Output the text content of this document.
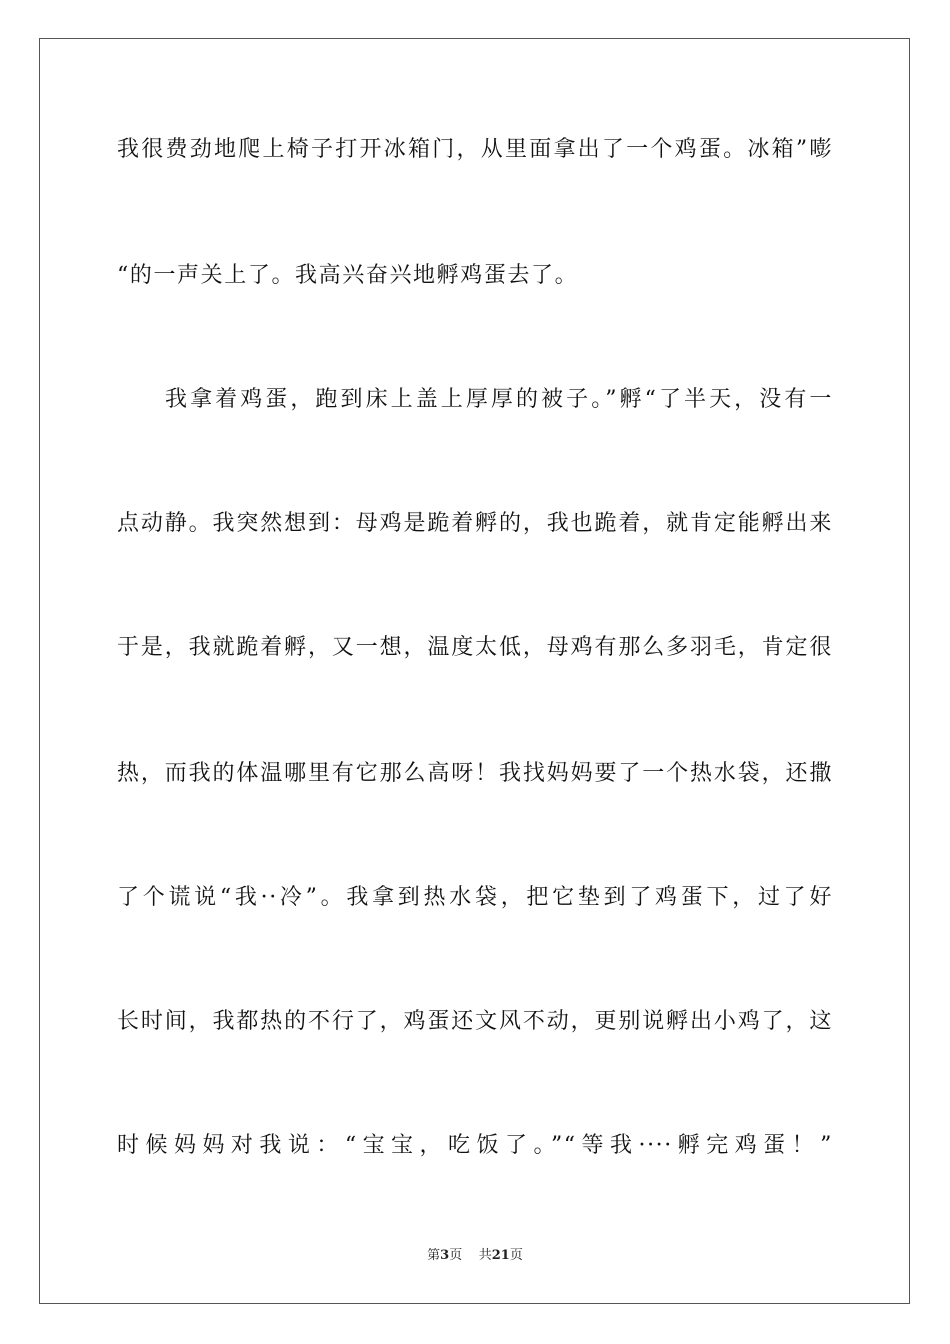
我很费劲地爬上椅子打开冰箱门，从里面拿出了一个鸡蛋。冰箱”嘭
“的一声关上了。我高兴奋兴地孵鸡蛋去了。
我拿着鸡蛋，跑到床上盖上厚厚的被子。”孵“了半天，没有一
点动静。我突然想到：母鸡是跪着孵的，我也跪着，就肯定能孵出来
于是，我就跪着孵，又一想，温度太低，母鸡有那么多羽毛，肯定很
热，而我的体温哪里有它那么高呀！我找妈妈要了一个热水袋，还撒
了个谎说“我··冷”。我拿到热水袋，把它垫到了鸡蛋下，过了好
长时间，我都热的不行了，鸡蛋还文风不动，更别说孵出小鸡了，这
时候妈妈对我说：“宝宝，吃饭了。”“等我····孵完鸡蛋！”
第3页 共21页
